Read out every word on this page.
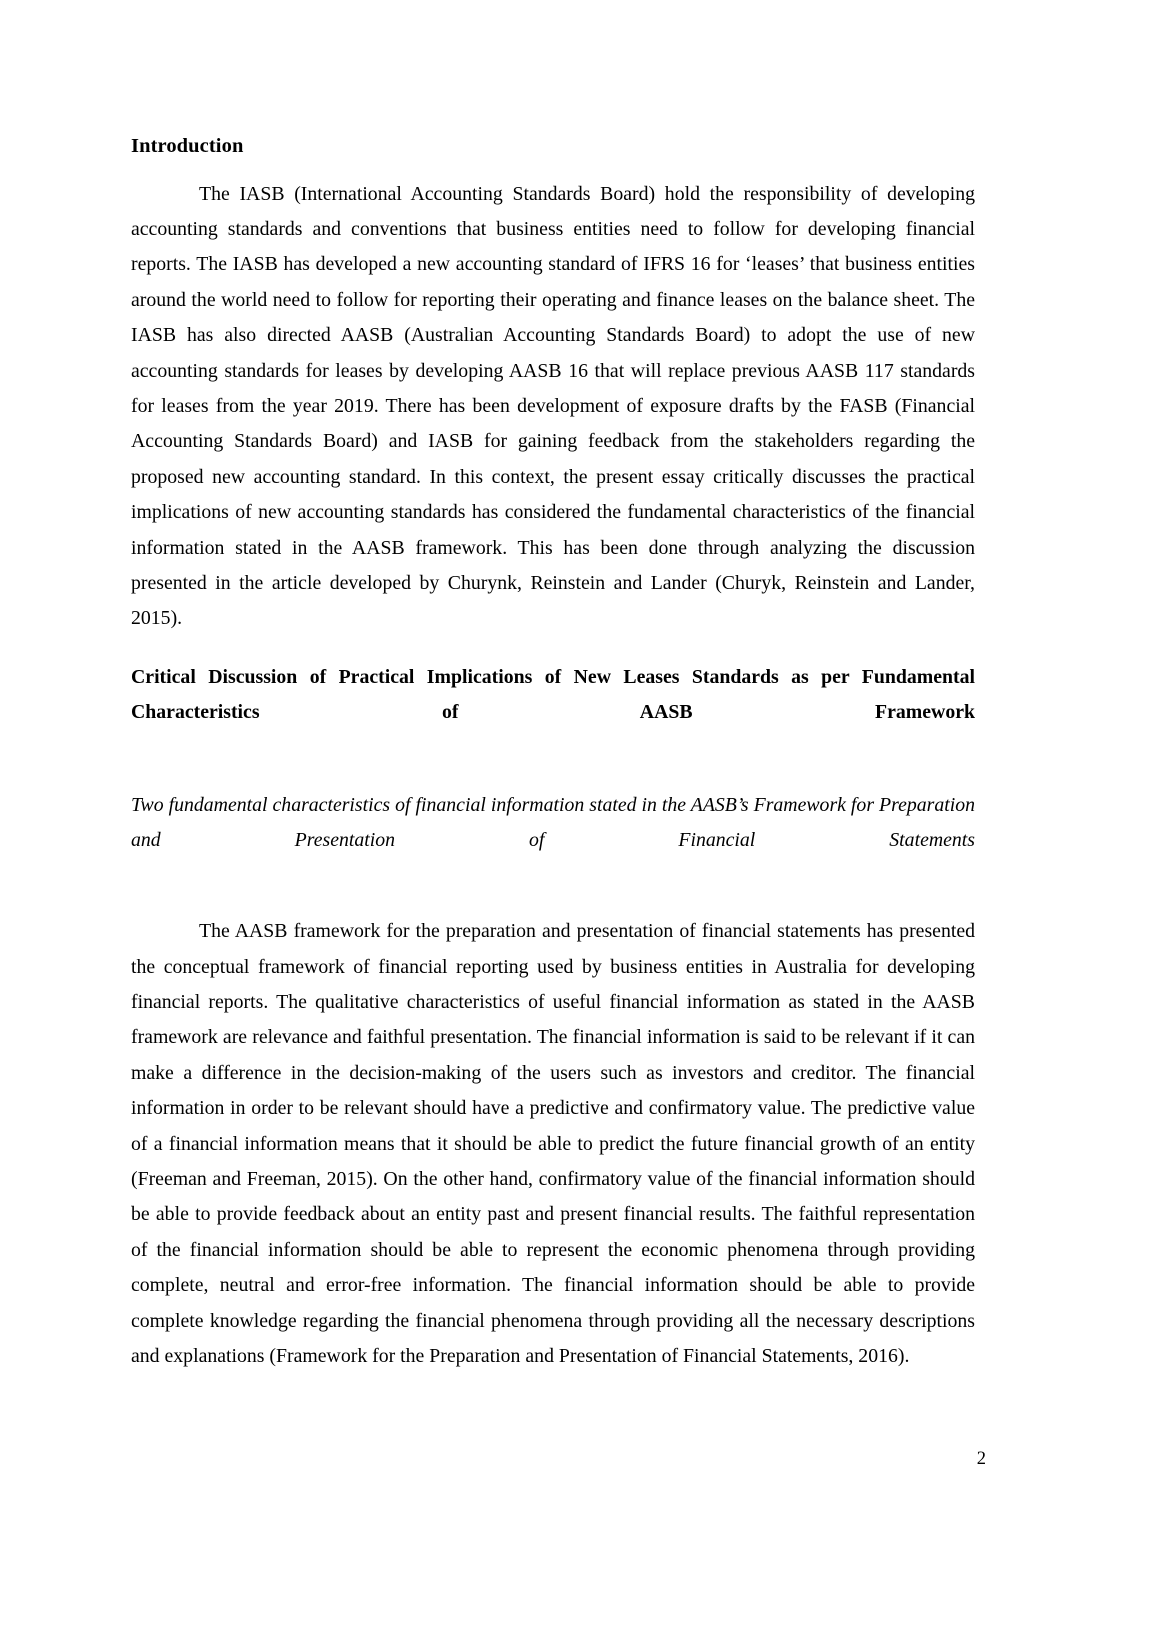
Introduction

The IASB (International Accounting Standards Board) hold the responsibility of developing accounting standards and conventions that business entities need to follow for developing financial reports. The IASB has developed a new accounting standard of IFRS 16 for ‘leases’ that business entities around the world need to follow for reporting their operating and finance leases on the balance sheet. The IASB has also directed AASB (Australian Accounting Standards Board) to adopt the use of new accounting standards for leases by developing AASB 16 that will replace previous AASB 117 standards for leases from the year 2019. There has been development of exposure drafts by the FASB (Financial Accounting Standards Board) and IASB for gaining feedback from the stakeholders regarding the proposed new accounting standard. In this context, the present essay critically discusses the practical implications of new accounting standards has considered the fundamental characteristics of the financial information stated in the AASB framework. This has been done through analyzing the discussion presented in the article developed by Churynk, Reinstein and Lander (Churyk, Reinstein and Lander, 2015).

Critical Discussion of Practical Implications of New Leases Standards as per Fundamental Characteristics of AASB Framework

Two fundamental characteristics of financial information stated in the AASB’s Framework for Preparation and Presentation of Financial Statements

The AASB framework for the preparation and presentation of financial statements has presented the conceptual framework of financial reporting used by business entities in Australia for developing financial reports. The qualitative characteristics of useful financial information as stated in the AASB framework are relevance and faithful presentation. The financial information is said to be relevant if it can make a difference in the decision-making of the users such as investors and creditor. The financial information in order to be relevant should have a predictive and confirmatory value. The predictive value of a financial information means that it should be able to predict the future financial growth of an entity (Freeman and Freeman, 2015). On the other hand, confirmatory value of the financial information should be able to provide feedback about an entity past and present financial results. The faithful representation of the financial information should be able to represent the economic phenomena through providing complete, neutral and error-free information. The financial information should be able to provide complete knowledge regarding the financial phenomena through providing all the necessary descriptions and explanations (Framework for the Preparation and Presentation of Financial Statements, 2016).

2
